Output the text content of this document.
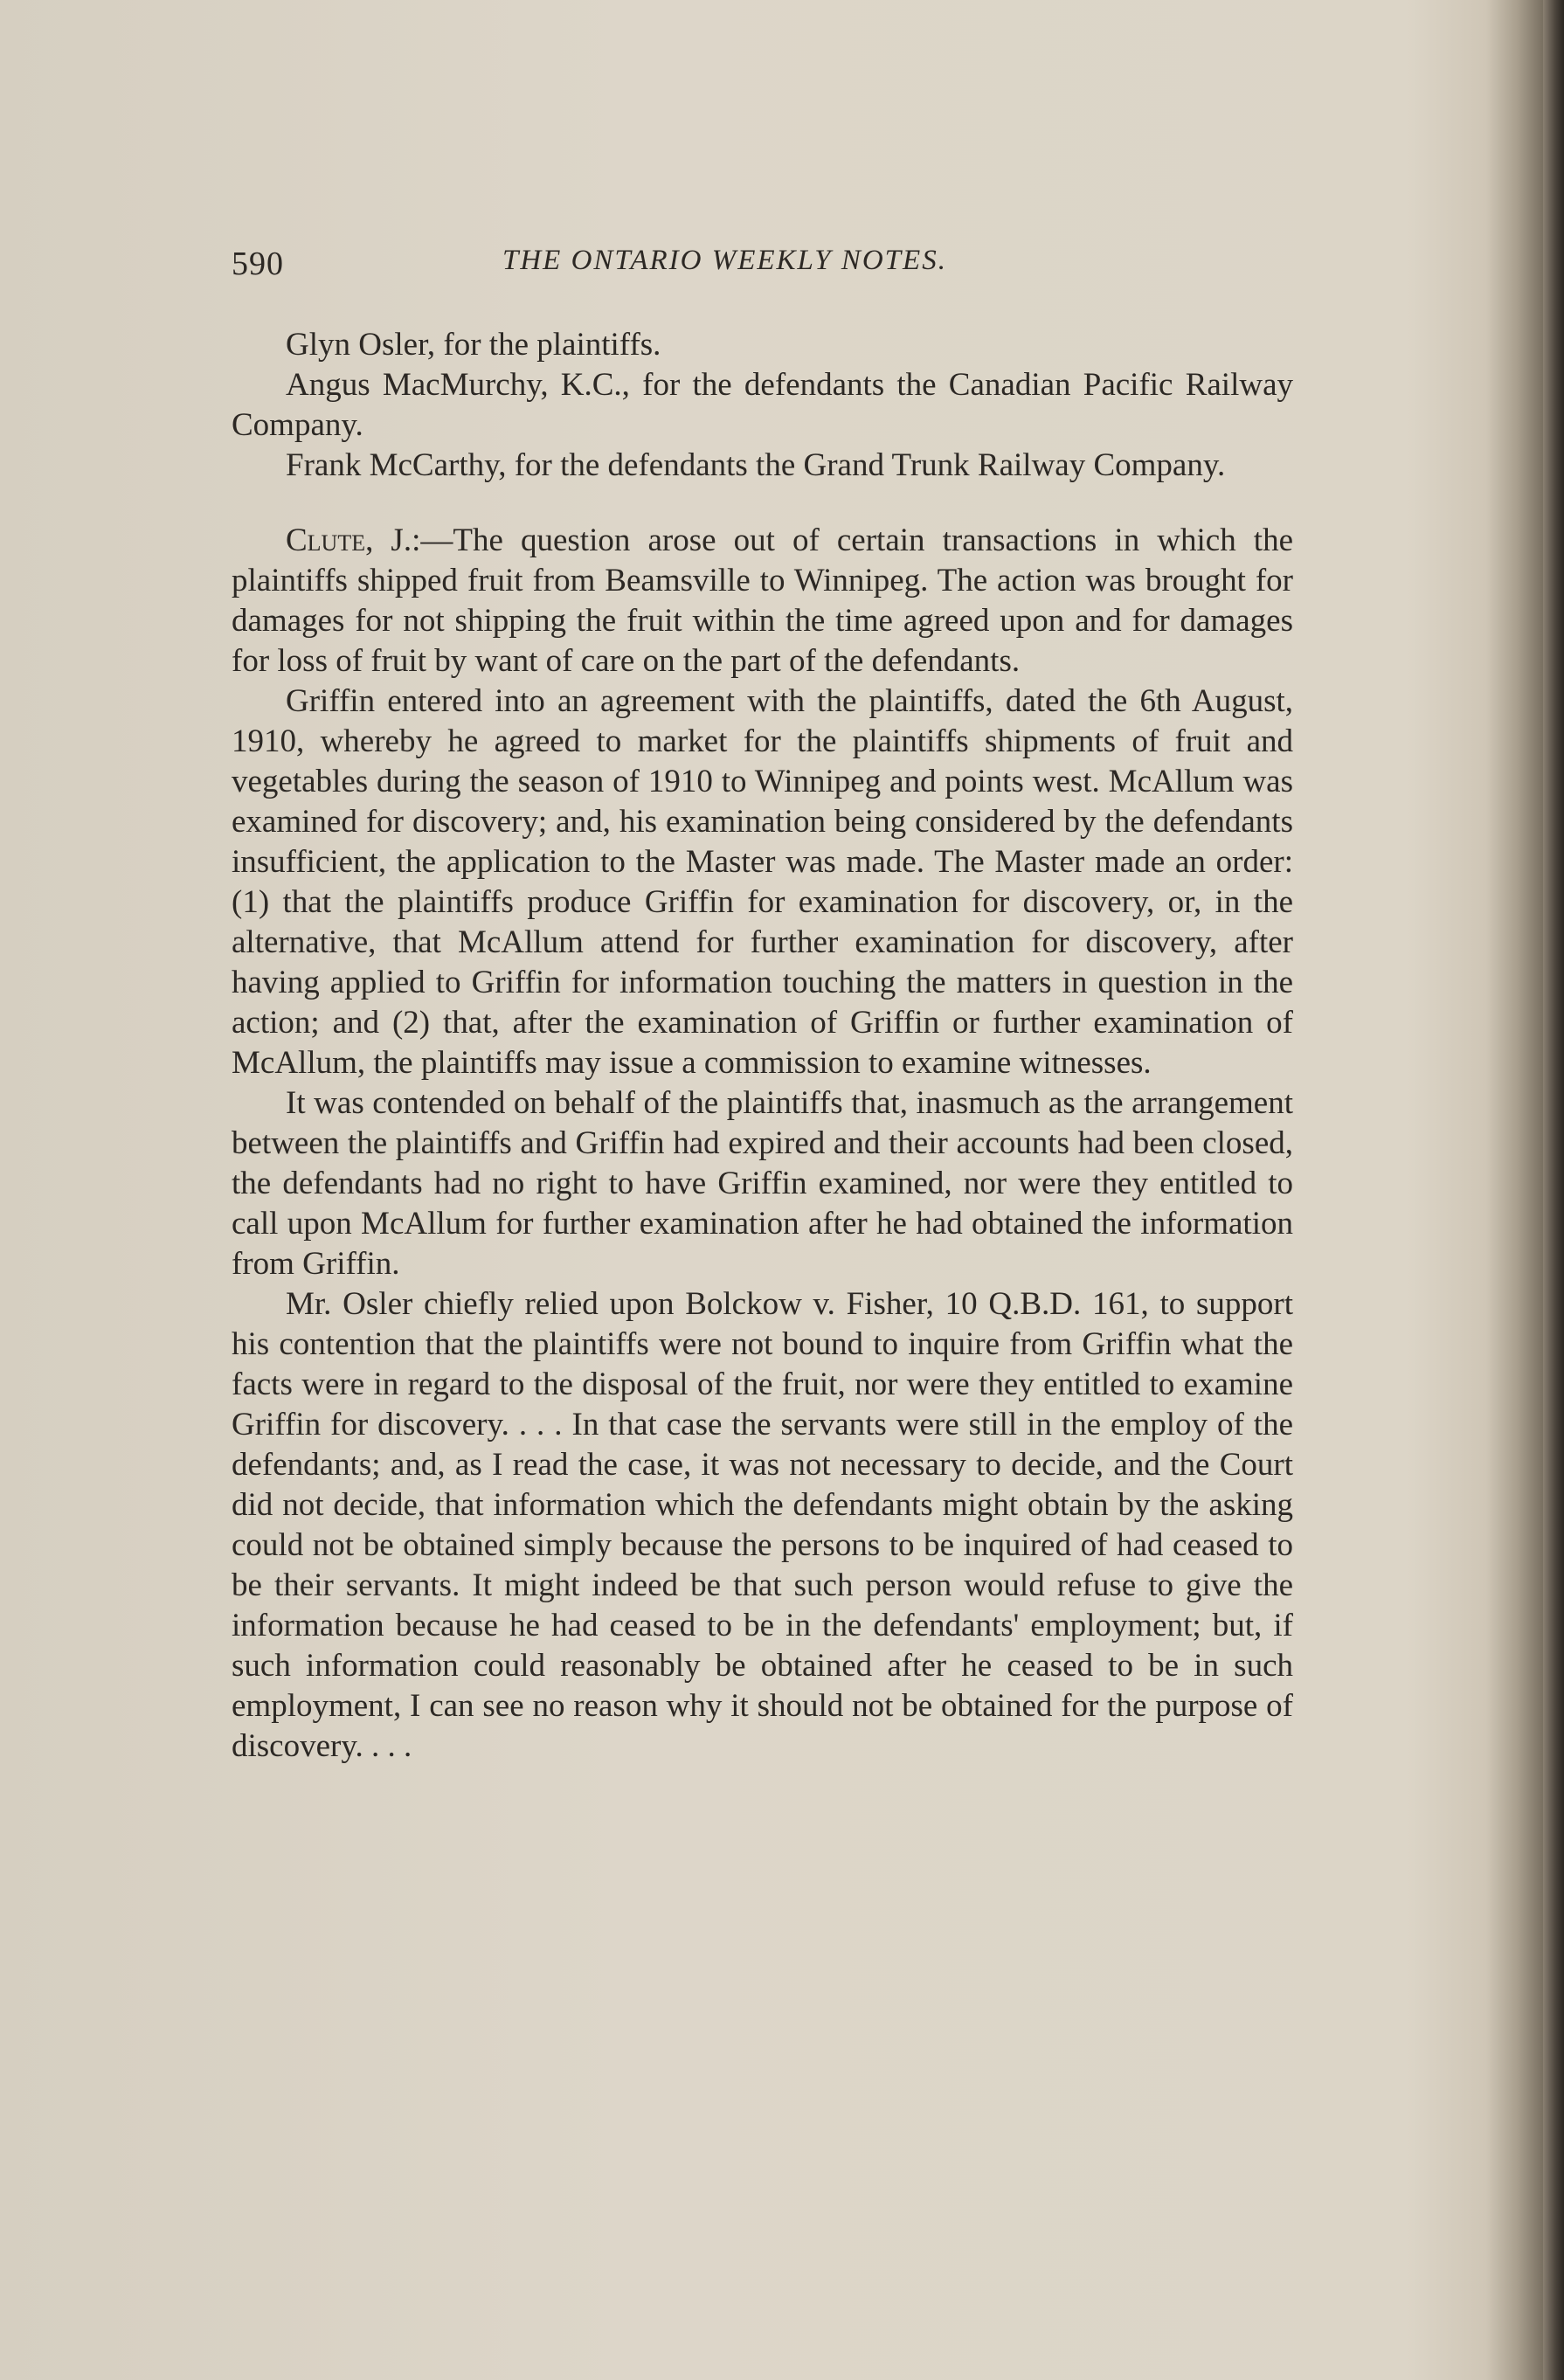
590	THE ONTARIO WEEKLY NOTES.

Glyn Osler, for the plaintiffs.

Angus MacMurchy, K.C., for the defendants the Canadian Pacific Railway Company.

Frank McCarthy, for the defendants the Grand Trunk Railway Company.

Clute, J.:—The question arose out of certain transactions in which the plaintiffs shipped fruit from Beamsville to Winnipeg. The action was brought for damages for not shipping the fruit within the time agreed upon and for damages for loss of fruit by want of care on the part of the defendants.

Griffin entered into an agreement with the plaintiffs, dated the 6th August, 1910, whereby he agreed to market for the plaintiffs shipments of fruit and vegetables during the season of 1910 to Winnipeg and points west. McAllum was examined for discovery; and, his examination being considered by the defendants insufficient, the application to the Master was made. The Master made an order: (1) that the plaintiffs produce Griffin for examination for discovery, or, in the alternative, that McAllum attend for further examination for discovery, after having applied to Griffin for information touching the matters in question in the action; and (2) that, after the examination of Griffin or further examination of McAllum, the plaintiffs may issue a commission to examine witnesses.

It was contended on behalf of the plaintiffs that, inasmuch as the arrangement between the plaintiffs and Griffin had expired and their accounts had been closed, the defendants had no right to have Griffin examined, nor were they entitled to call upon McAllum for further examination after he had obtained the information from Griffin.

Mr. Osler chiefly relied upon Bolckow v. Fisher, 10 Q.B.D. 161, to support his contention that the plaintiffs were not bound to inquire from Griffin what the facts were in regard to the disposal of the fruit, nor were they entitled to examine Griffin for discovery. . . . In that case the servants were still in the employ of the defendants; and, as I read the case, it was not necessary to decide, and the Court did not decide, that information which the defendants might obtain by the asking could not be obtained simply because the persons to be inquired of had ceased to be their servants. It might indeed be that such person would refuse to give the information because he had ceased to be in the defendants' employment; but, if such information could reasonably be obtained after he ceased to be in such employment, I can see no reason why it should not be obtained for the purpose of discovery. . . .
